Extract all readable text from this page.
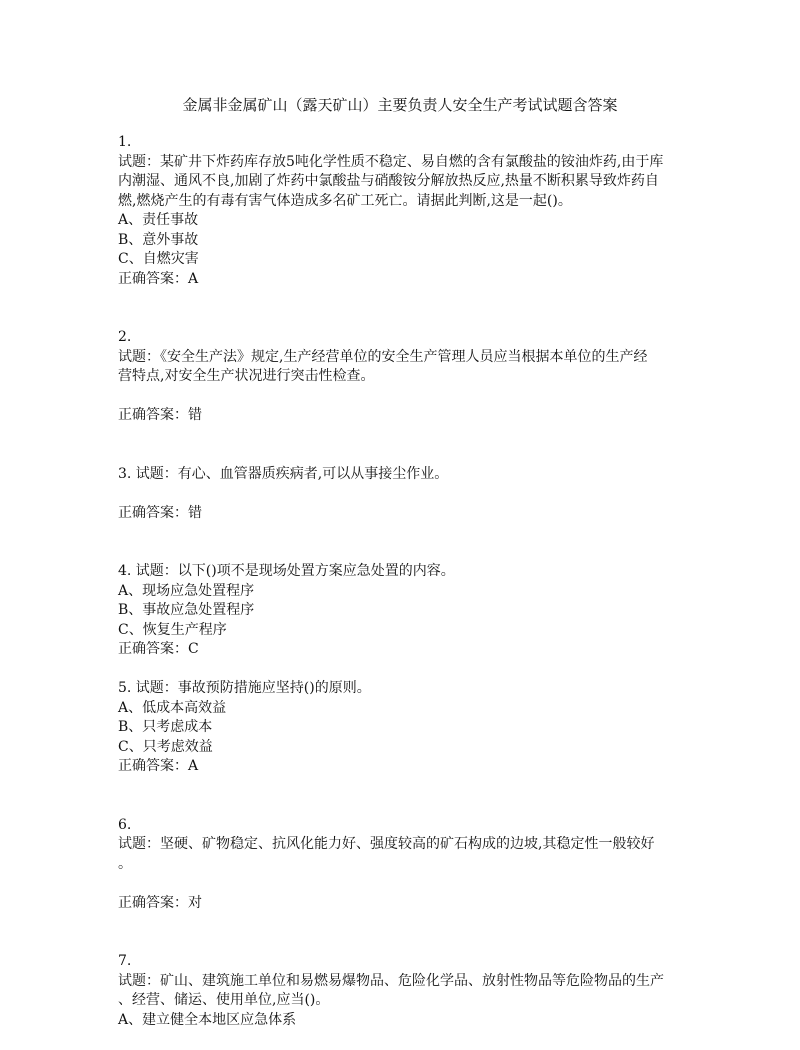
金属非金属矿山（露天矿山）主要负责人安全生产考试试题含答案
1.
试题：某矿井下炸药库存放5吨化学性质不稳定、易自燃的含有氯酸盐的铵油炸药,由于库
内潮湿、通风不良,加剧了炸药中氯酸盐与硝酸铵分解放热反应,热量不断积累导致炸药自
燃,燃烧产生的有毒有害气体造成多名矿工死亡。请据此判断,这是一起()。
A、责任事故
B、意外事故
C、自燃灾害
正确答案：A
2.
试题：《安全生产法》规定,生产经营单位的安全生产管理人员应当根据本单位的生产经
营特点,对安全生产状况进行突击性检查。
正确答案：错
3. 试题：有心、血管器质疾病者,可以从事接尘作业。
正确答案：错
4. 试题：以下()项不是现场处置方案应急处置的内容。
A、现场应急处置程序
B、事故应急处置程序
C、恢复生产程序
正确答案：C
5. 试题：事故预防措施应坚持()的原则。
A、低成本高效益
B、只考虑成本
C、只考虑效益
正确答案：A
6.
试题：坚硬、矿物稳定、抗风化能力好、强度较高的矿石构成的边坡,其稳定性一般较好
。
正确答案：对
7.
试题：矿山、建筑施工单位和易燃易爆物品、危险化学品、放射性物品等危险物品的生产
、经营、储运、使用单位,应当()。
A、建立健全本地区应急体系
